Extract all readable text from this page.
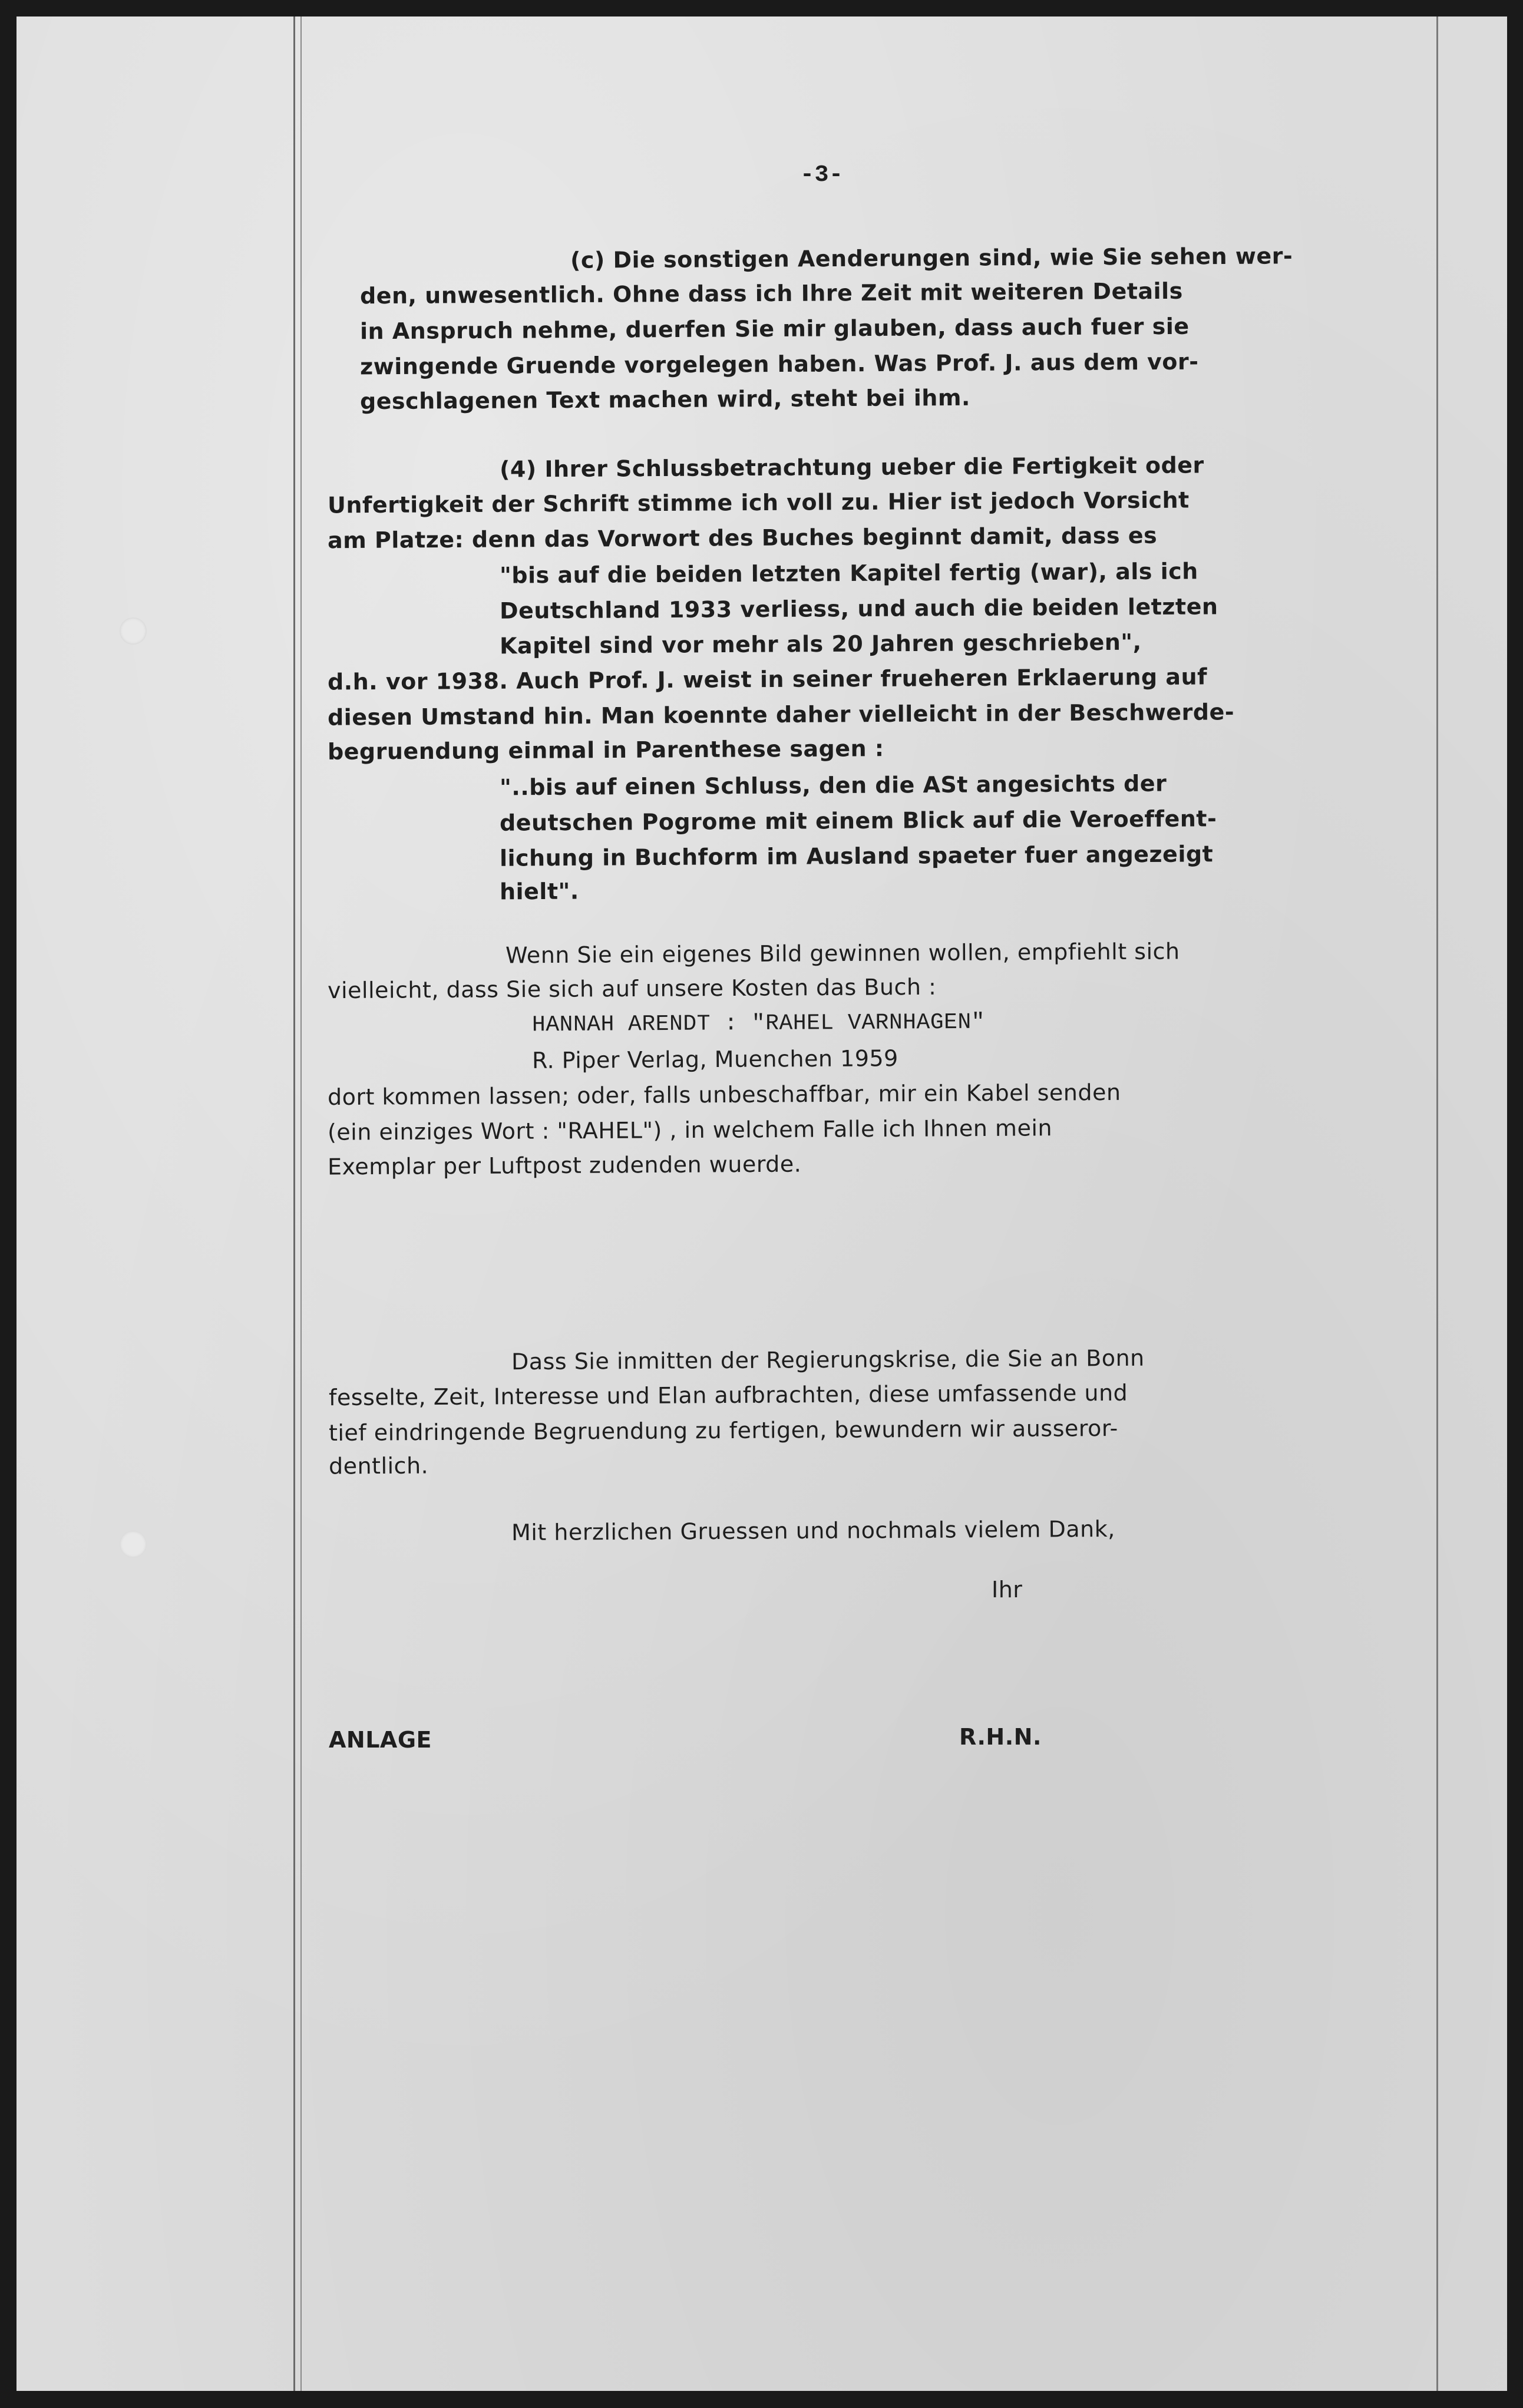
-3-
(c) Die sonstigen Aenderungen sind, wie Sie sehen wer-
den, unwesentlich. Ohne dass ich Ihre Zeit mit weiteren Details
in Anspruch nehme, duerfen Sie mir glauben, dass auch fuer sie
zwingende Gruende vorgelegen haben. Was Prof. J. aus dem vor-
geschlagenen Text machen wird, steht bei ihm.
(4) Ihrer Schlussbetrachtung ueber die Fertigkeit oder
Unfertigkeit der Schrift stimme ich voll zu. Hier ist jedoch Vorsicht
am Platze: denn das Vorwort des Buches beginnt damit, dass es
"bis auf die beiden letzten Kapitel fertig (war), als ich
Deutschland 1933 verliess, und auch die beiden letzten
Kapitel sind vor mehr als 20 Jahren geschrieben",
d.h. vor 1938. Auch Prof. J. weist in seiner frueheren Erklaerung auf
diesen Umstand hin. Man koennte daher vielleicht in der Beschwerde-
begruendung einmal in Parenthese sagen :
"..bis auf einen Schluss, den die ASt angesichts der
deutschen Pogrome mit einem Blick auf die Veroeffent-
lichung in Buchform im Ausland spaeter fuer angezeigt
hielt".
Wenn Sie ein eigenes Bild gewinnen wollen, empfiehlt sich
vielleicht, dass Sie sich auf unsere Kosten das Buch :
HANNAH ARENDT : "RAHEL VARNHAGEN"
R. Piper Verlag, Muenchen 1959
dort kommen lassen; oder, falls unbeschaffbar, mir ein Kabel senden
(ein einziges Wort : "RAHEL") , in welchem Falle ich Ihnen mein
Exemplar per Luftpost zudenden wuerde.
Dass Sie inmitten der Regierungskrise, die Sie an Bonn
fesselte, Zeit, Interesse und Elan aufbrachten, diese umfassende und
tief eindringende Begruendung zu fertigen, bewundern wir ausseror-
dentlich.
Mit herzlichen Gruessen und nochmals vielem Dank,
Ihr
ANLAGE	R.H.N.
